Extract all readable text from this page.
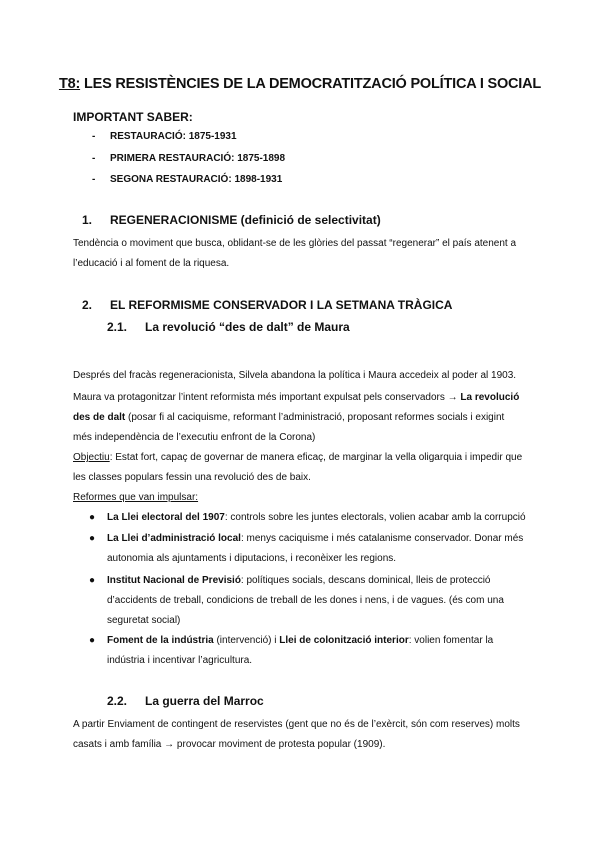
T8: LES RESISTÈNCIES DE LA DEMOCRATITZACIÓ POLÍTICA I SOCIAL
IMPORTANT SABER:
- RESTAURACIÓ: 1875-1931
- PRIMERA RESTAURACIÓ: 1875-1898
- SEGONA RESTAURACIÓ: 1898-1931
1. REGENERACIONISME (definició de selectivitat)
Tendència o moviment que busca, oblidant-se de les glòries del passat “regenerar” el país atenent a
l’educació i al foment de la riquesa.
2. EL REFORMISME CONSERVADOR I LA SETMANA TRÀGICA
2.1. La revolució “des de dalt” de Maura
Després del fracàs regeneracionista, Silvela abandona la política i Maura accedeix al poder al 1903.
Maura va protagonitzar l’intent reformista més important expulsat pels conservadors → La revolució
des de dalt (posar fi al caciquisme, reformant l’administració, proposant reformes socials i exigint
més independència de l’executiu enfront de la Corona)
Objectiu: Estat fort, capaç de governar de manera eficaç, de marginar la vella oligarquia i impedir que
les classes populars fessin una revolució des de baix.
Reformes que van impulsar:
● La Llei electoral del 1907: controls sobre les juntes electorals, volien acabar amb la corrupció
● La Llei d’administració local: menys caciquisme i més catalanisme conservador. Donar més
autonomia als ajuntaments i diputacions, i reconèixer les regions.
● Institut Nacional de Previsió: polítiques socials, descans dominical, lleis de protecció
d’accidents de treball, condicions de treball de les dones i nens, i de vagues. (és com una
seguretat social)
● Foment de la indústria (intervenció) i Llei de colonització interior: volien fomentar la
indústria i incentivar l’agricultura.
2.2. La guerra del Marroc
A partir Enviament de contingent de reservistes (gent que no és de l’exèrcit, són com reserves) molts
casats i amb família → provocar moviment de protesta popular (1909).
